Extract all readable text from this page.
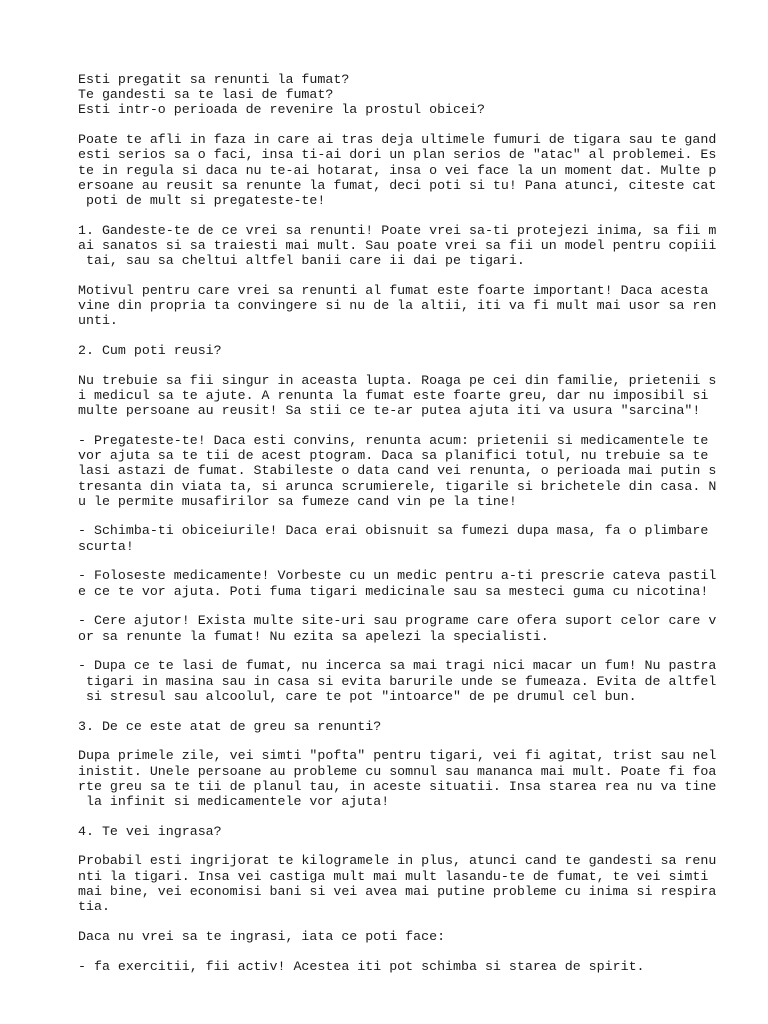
Esti pregatit sa renunti la fumat?
Te gandesti sa te lasi de fumat?
Esti intr-o perioada de revenire la prostul obicei?
Poate te afli in faza in care ai tras deja ultimele fumuri de tigara sau te gand
esti serios sa o faci, insa ti-ai dori un plan serios de "atac" al problemei. Es
te in regula si daca nu te-ai hotarat, insa o vei face la un moment dat. Multe p
ersoane au reusit sa renunte la fumat, deci poti si tu! Pana atunci, citeste cat
poti de mult si pregateste-te!
1. Gandeste-te de ce vrei sa renunti! Poate vrei sa-ti protejezi inima, sa fii m
ai sanatos si sa traiesti mai mult. Sau poate vrei sa fii un model pentru copiii
tai, sau sa cheltui altfel banii care ii dai pe tigari.
Motivul pentru care vrei sa renunti al fumat este foarte important! Daca acesta
vine din propria ta convingere si nu de la altii, iti va fi mult mai usor sa ren
unti.
2. Cum poti reusi?
Nu trebuie sa fii singur in aceasta lupta. Roaga pe cei din familie, prietenii s
i medicul sa te ajute. A renunta la fumat este foarte greu, dar nu imposibil si
multe persoane au reusit! Sa stii ce te-ar putea ajuta iti va usura "sarcina"!
- Pregateste-te! Daca esti convins, renunta acum: prietenii si medicamentele te
vor ajuta sa te tii de acest ptogram. Daca sa planifici totul, nu trebuie sa te
lasi astazi de fumat. Stabileste o data cand vei renunta, o perioada mai putin s
tresanta din viata ta, si arunca scrumierele, tigarile si brichetele din casa. N
u le permite musafirilor sa fumeze cand vin pe la tine!
- Schimba-ti obiceiurile! Daca erai obisnuit sa fumezi dupa masa, fa o plimbare
scurta!
- Foloseste medicamente! Vorbeste cu un medic pentru a-ti prescrie cateva pastil
e ce te vor ajuta. Poti fuma tigari medicinale sau sa mesteci guma cu nicotina!
- Cere ajutor! Exista multe site-uri sau programe care ofera suport celor care v
or sa renunte la fumat! Nu ezita sa apelezi la specialisti.
- Dupa ce te lasi de fumat, nu incerca sa mai tragi nici macar un fum! Nu pastra
tigari in masina sau in casa si evita barurile unde se fumeaza. Evita de altfel
si stresul sau alcoolul, care te pot "intoarce" de pe drumul cel bun.
3. De ce este atat de greu sa renunti?
Dupa primele zile, vei simti "pofta" pentru tigari, vei fi agitat, trist sau nel
inistit. Unele persoane au probleme cu somnul sau mananca mai mult. Poate fi foa
rte greu sa te tii de planul tau, in aceste situatii. Insa starea rea nu va tine
la infinit si medicamentele vor ajuta!
4. Te vei ingrasa?
Probabil esti ingrijorat te kilogramele in plus, atunci cand te gandesti sa renu
nti la tigari. Insa vei castiga mult mai mult lasandu-te de fumat, te vei simti
mai bine, vei economisi bani si vei avea mai putine probleme cu inima si respira
tia.
Daca nu vrei sa te ingrasi, iata ce poti face:
- fa exercitii, fii activ! Acestea iti pot schimba si starea de spirit.
